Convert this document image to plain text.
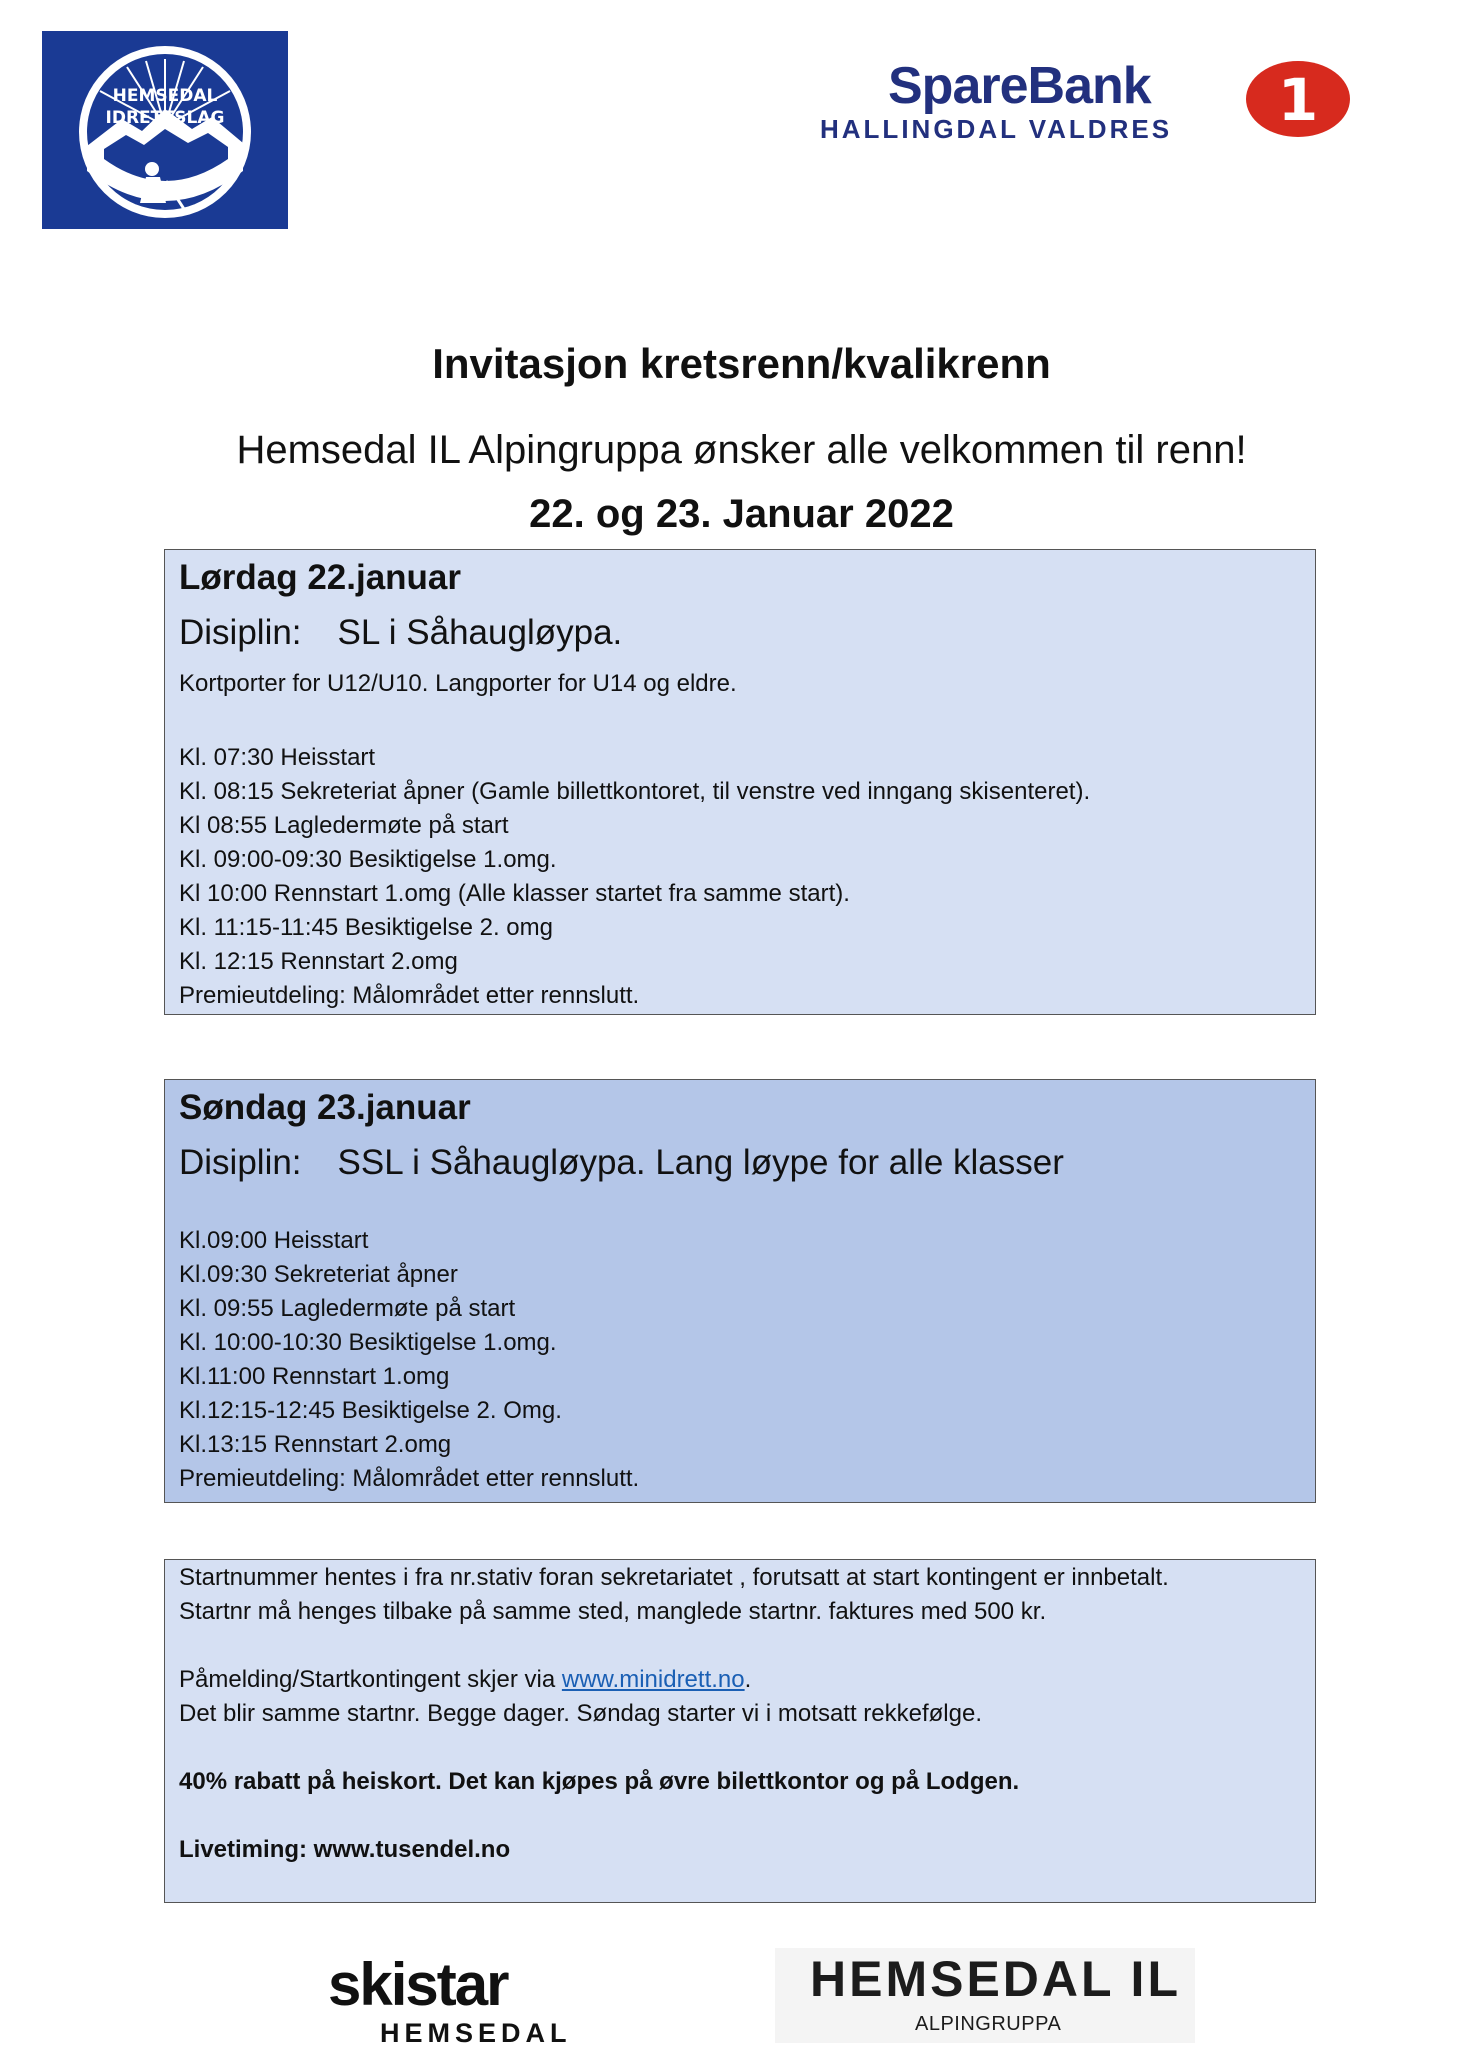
HEMSEDAL
IDRETTSLAG
SpareBank
HALLINGDAL VALDRES 1
Invitasjon kretsrenn/kvalikrenn
Hemsedal IL Alpingruppa ønsker alle velkommen til renn!
22. og 23. Januar 2022
Lørdag 22.januar
Disiplin: SL i Såhaugløypa.
Kortporter for U12/U10. Langporter for U14 og eldre.
Kl. 07:30 Heisstart
Kl. 08:15 Sekreteriat åpner (Gamle billettkontoret, til venstre ved inngang skisenteret).
Kl 08:55 Lagledermøte på start
Kl. 09:00-09:30 Besiktigelse 1.omg.
Kl 10:00 Rennstart 1.omg (Alle klasser startet fra samme start).
Kl. 11:15-11:45 Besiktigelse 2. omg
Kl. 12:15 Rennstart 2.omg
Premieutdeling: Målområdet etter rennslutt.
Søndag 23.januar
Disiplin: SSL i Såhaugløypa. Lang løype for alle klasser
Kl.09:00 Heisstart
Kl.09:30 Sekreteriat åpner
Kl. 09:55 Lagledermøte på start
Kl. 10:00-10:30 Besiktigelse 1.omg.
Kl.11:00 Rennstart 1.omg
Kl.12:15-12:45 Besiktigelse 2. Omg.
Kl.13:15 Rennstart 2.omg
Premieutdeling: Målområdet etter rennslutt.
Startnummer hentes i fra nr.stativ foran sekretariatet , forutsatt at start kontingent er innbetalt.
Startnr må henges tilbake på samme sted, manglede startnr. faktures med 500 kr.
Påmelding/Startkontingent skjer via www.minidrett.no.
Det blir samme startnr. Begge dager. Søndag starter vi i motsatt rekkefølge.
40% rabatt på heiskort. Det kan kjøpes på øvre bilettkontor og på Lodgen.
Livetiming: www.tusendel.no
skistar
HEMSEDAL
HEMSEDAL IL
ALPINGRUPPA
